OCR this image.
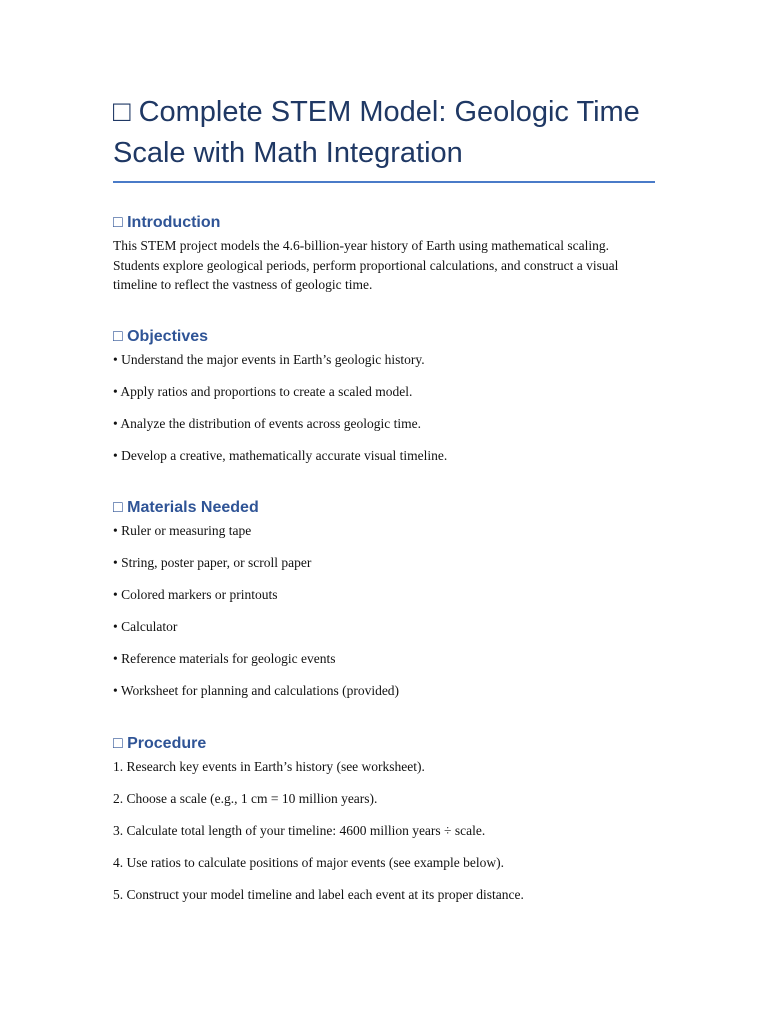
□ Complete STEM Model: Geologic Time Scale with Math Integration
□ Introduction

This STEM project models the 4.6-billion-year history of Earth using mathematical scaling. Students explore geological periods, perform proportional calculations, and construct a visual timeline to reflect the vastness of geologic time.

□ Objectives

• Understand the major events in Earth’s geologic history.

• Apply ratios and proportions to create a scaled model.

• Analyze the distribution of events across geologic time.

• Develop a creative, mathematically accurate visual timeline.

□ Materials Needed

• Ruler or measuring tape

• String, poster paper, or scroll paper

• Colored markers or printouts

• Calculator

• Reference materials for geologic events

• Worksheet for planning and calculations (provided)

□ Procedure

1. Research key events in Earth’s history (see worksheet).

2. Choose a scale (e.g., 1 cm = 10 million years).

3. Calculate total length of your timeline: 4600 million years ÷ scale.

4. Use ratios to calculate positions of major events (see example below).

5. Construct your model timeline and label each event at its proper distance.
